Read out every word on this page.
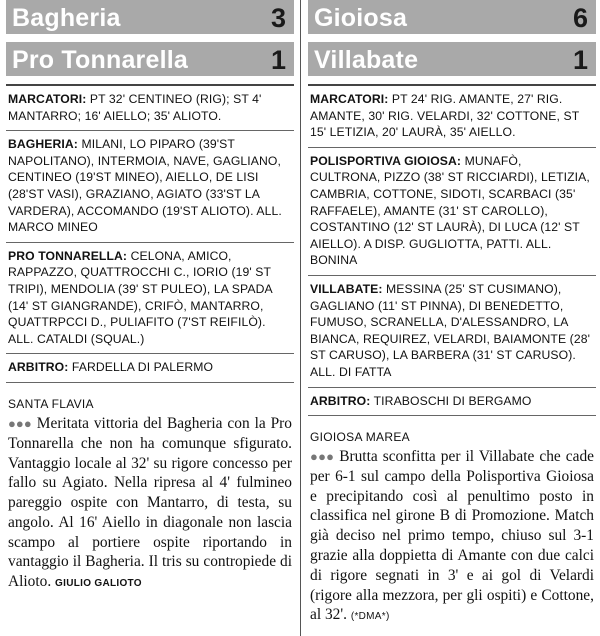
Bagheria	3
Pro Tonnarella	1
MARCATORI: PT 32' CENTINEO (RIG); ST 4' MANTARRO; 16' AIELLO; 35' ALIOTO.
BAGHERIA: MILANI, LO PIPARO (39'ST NAPOLITANO), INTERMOIA, NAVE, GAGLIANO, CENTINEO (19'ST MINEO), AIELLO, DE LISI (28'ST VASI), GRAZIANO, AGIATO (33'ST LA VARDERA), ACCOMANDO (19'ST ALIOTO). ALL. MARCO MINEO
PRO TONNARELLA: CELONA, AMICO, RAPPAZZO, QUATTROCCHI C., IORIO (19' ST TRIPI), MENDOLIA (39' ST PULEO), LA SPADA (14' ST GIANGRANDE), CRIFÒ, MANTARRO, QUATTRPCCI D., PULIAFITO (7'ST REIFILÒ). ALL. CATALDI (SQUAL.)
ARBITRO: FARDELLA DI PALERMO
SANTA FLAVIA
●●● Meritata vittoria del Bagheria con la Pro Tonnarella che non ha comunque sfigurato. Vantaggio locale al 32' su rigore concesso per fallo su Agiato. Nella ripresa al 4' fulmineo pareggio ospite con Mantarro, di testa, su angolo. Al 16' Aiello in diagonale non lascia scampo al portiere ospite riportando in vantaggio il Bagheria. Il tris su contropiede di Alioto. GIULIO GALIOTO
Gioiosa	6
Villabate	1
MARCATORI: PT 24' RIG. AMANTE, 27' RIG. AMANTE, 30' RIG. VELARDI, 32' COTTONE, ST 15' LETIZIA, 20' LAURÀ, 35' AIELLO.
POLISPORTIVA GIOIOSA: MUNAFÒ, CULTRONA, PIZZO (38' ST RICCIARDI), LETIZIA, CAMBRIA, COTTONE, SIDOTI, SCARBACI (35' RAFFAELE), AMANTE (31' ST CAROLLO), COSTANTINO (12' ST LAURÀ), DI LUCA (12' ST AIELLO). A DISP. GUGLIOTTA, PATTI. ALL. BONINA
VILLABATE: MESSINA (25' ST CUSIMANO), GAGLIANO (11' ST PINNA), DI BENEDETTO, FUMUSO, SCRANELLA, D'ALESSANDRO, LA BIANCA, REQUIREZ, VELARDI, BAIAMONTE (28' ST CARUSO), LA BARBERA (31' ST CARUSO). ALL. DI FATTA
ARBITRO: TIRABOSCHI DI BERGAMO
GIOIOSA MAREA
●●● Brutta sconfitta per il Villabate che cade per 6-1 sul campo della Polisportiva Gioiosa e precipitando così al penultimo posto in classifica nel girone B di Promozione. Match già deciso nel primo tempo, chiuso sul 3-1 grazie alla doppietta di Amante con due calci di rigore segnati in 3' e ai gol di Velardi (rigore alla mezzora, per gli ospiti) e Cottone, al 32'. (*DMA*)
